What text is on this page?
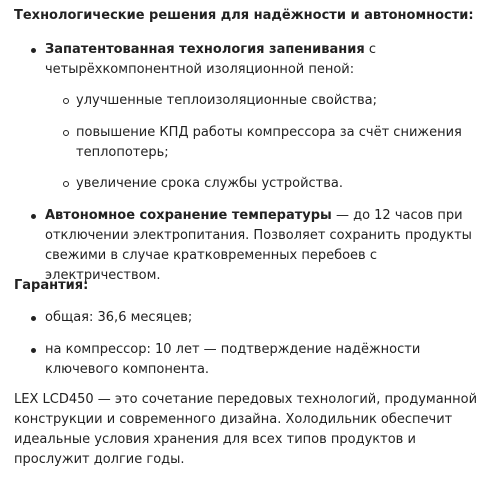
Технологические решения для надёжности и автономности:
Запатентованная технология запенивания с четырёхкомпонентной изоляционной пеной:
улучшенные теплоизоляционные свойства;
повышение КПД работы компрессора за счёт снижения теплопотерь;
увеличение срока службы устройства.
Автономное сохранение температуры — до 12 часов при отключении электропитания. Позволяет сохранить продукты свежими в случае кратковременных перебоев с электричеством.
Гарантия:
общая: 36,6 месяцев;
на компрессор: 10 лет — подтверждение надёжности ключевого компонента.
LEX LCD450 — это сочетание передовых технологий, продуманной конструкции и современного дизайна. Холодильник обеспечит идеальные условия хранения для всех типов продуктов и прослужит долгие годы.
